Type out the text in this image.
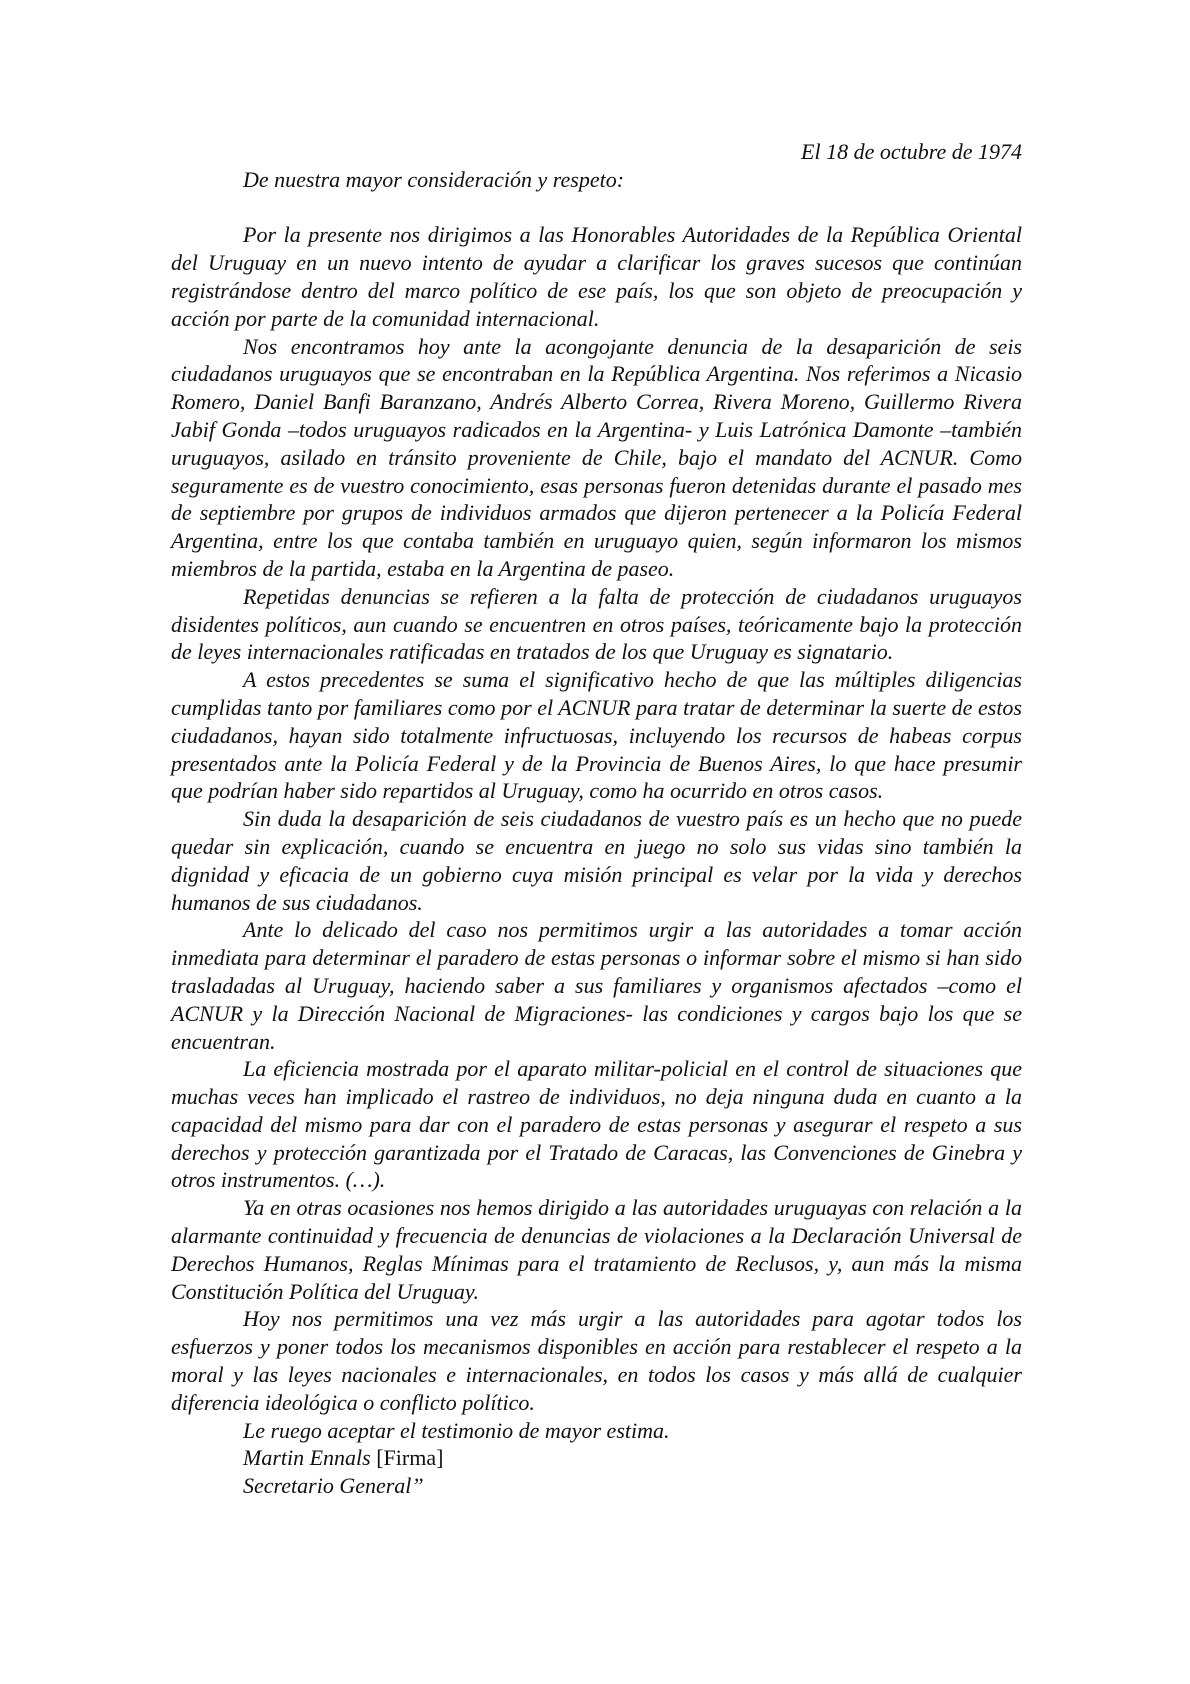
El 18 de octubre de 1974

De nuestra mayor consideración y respeto:

Por la presente nos dirigimos a las Honorables Autoridades de la República Oriental del Uruguay en un nuevo intento de ayudar a clarificar los graves sucesos que continúan registrándose dentro del marco político de ese país, los que son objeto de preocupación y acción por parte de la comunidad internacional.

Nos encontramos hoy ante la acongojante denuncia de la desaparición de seis ciudadanos uruguayos que se encontraban en la República Argentina. Nos referimos a Nicasio Romero, Daniel Banfi Baranzano, Andrés Alberto Correa, Rivera Moreno, Guillermo Rivera Jabif Gonda –todos uruguayos radicados en la Argentina- y Luis Latrónica Damonte –también uruguayos, asilado en tránsito proveniente de Chile, bajo el mandato del ACNUR. Como seguramente es de vuestro conocimiento, esas personas fueron detenidas durante el pasado mes de septiembre por grupos de individuos armados que dijeron pertenecer a la Policía Federal Argentina, entre los que contaba también en uruguayo quien, según informaron los mismos miembros de la partida, estaba en la Argentina de paseo.

Repetidas denuncias se refieren a la falta de protección de ciudadanos uruguayos disidentes políticos, aun cuando se encuentren en otros países, teóricamente bajo la protección de leyes internacionales ratificadas en tratados de los que Uruguay es signatario.

A estos precedentes se suma el significativo hecho de que las múltiples diligencias cumplidas tanto por familiares como por el ACNUR para tratar de determinar la suerte de estos ciudadanos, hayan sido totalmente infructuosas, incluyendo los recursos de habeas corpus presentados ante la Policía Federal y de la Provincia de Buenos Aires, lo que hace presumir que podrían haber sido repartidos al Uruguay, como ha ocurrido en otros casos.

Sin duda la desaparición de seis ciudadanos de vuestro país es un hecho que no puede quedar sin explicación, cuando se encuentra en juego no solo sus vidas sino también la dignidad y eficacia de un gobierno cuya misión principal es velar por la vida y derechos humanos de sus ciudadanos.

Ante lo delicado del caso nos permitimos urgir a las autoridades a tomar acción inmediata para determinar el paradero de estas personas o informar sobre el mismo si han sido trasladadas al Uruguay, haciendo saber a sus familiares y organismos afectados –como el ACNUR y la Dirección Nacional de Migraciones- las condiciones y cargos bajo los que se encuentran.

La eficiencia mostrada por el aparato militar-policial en el control de situaciones que muchas veces han implicado el rastreo de individuos, no deja ninguna duda en cuanto a la capacidad del mismo para dar con el paradero de estas personas y asegurar el respeto a sus derechos y protección garantizada por el Tratado de Caracas, las Convenciones de Ginebra y otros instrumentos. (…).

Ya en otras ocasiones nos hemos dirigido a las autoridades uruguayas con relación a la alarmante continuidad y frecuencia de denuncias de violaciones a la Declaración Universal de Derechos Humanos, Reglas Mínimas para el tratamiento de Reclusos, y, aun más la misma Constitución Política del Uruguay.

Hoy nos permitimos una vez más urgir a las autoridades para agotar todos los esfuerzos y poner todos los mecanismos disponibles en acción para restablecer el respeto a la moral y las leyes nacionales e internacionales, en todos los casos y más allá de cualquier diferencia ideológica o conflicto político.

Le ruego aceptar el testimonio de mayor estima.

Martin Ennals [Firma]

Secretario General”
